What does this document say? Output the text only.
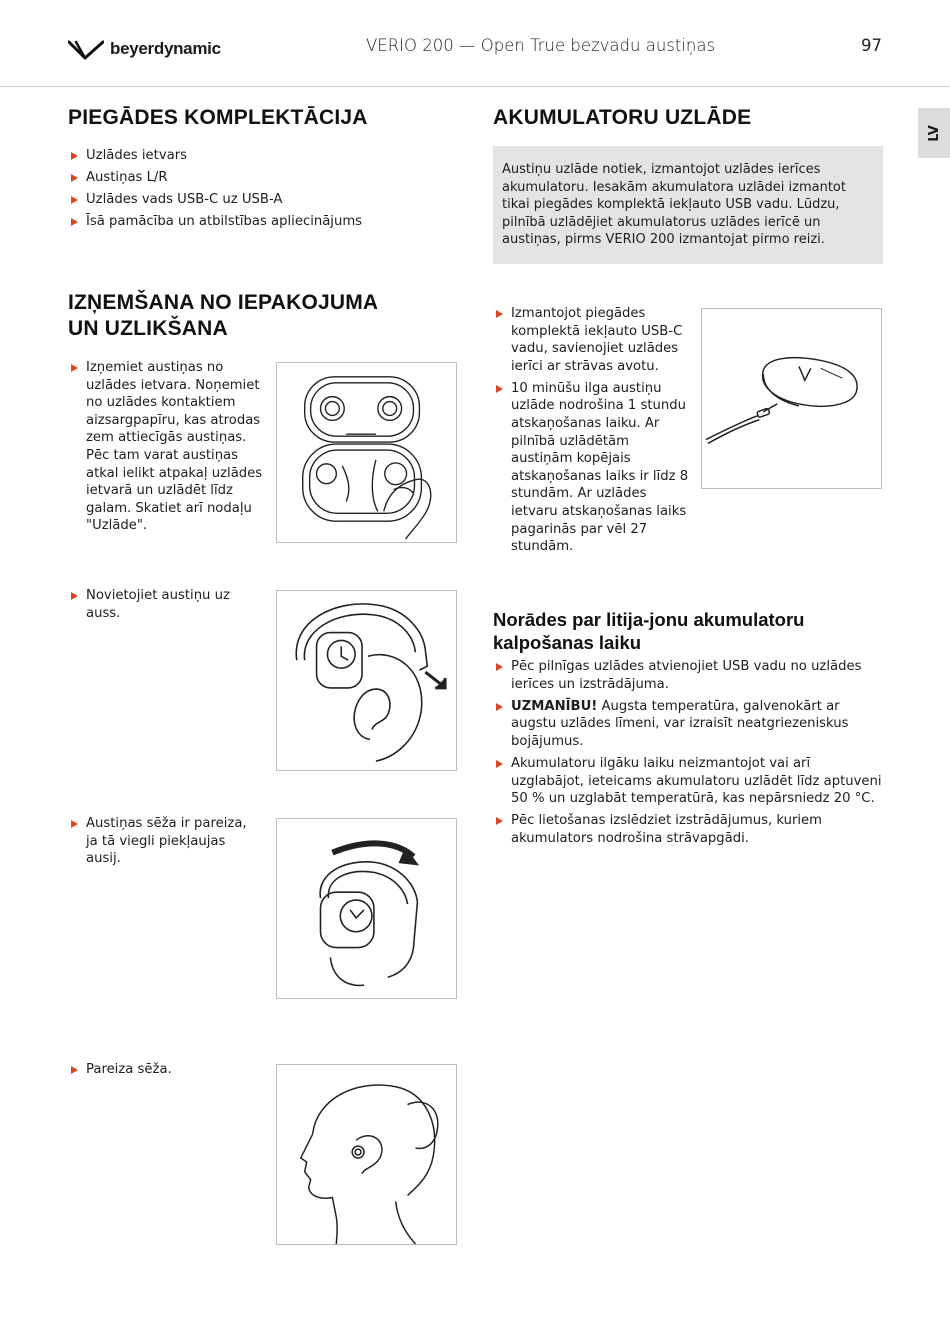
beyerdynamic	VERIO 200 — Open True bezvadu austiņas	97
LV
PIEGĀDES KOMPLEKTĀCIJA
Uzlādes ietvars
Austiņas L/R
Uzlādes vads USB-C uz USB-A
Īsā pamācība un atbilstības apliecinājums
IZŅEMŠANA NO IEPAKOJUMA
UN UZLIKŠANA
Izņemiet austiņas no uzlādes ietvara. Noņemiet no uzlādes kontaktiem aizsargpapīru, kas atrodas zem attiecīgās austiņas. Pēc tam varat austiņas atkal ielikt atpakaļ uzlādes ietvarā un uzlādēt līdz galam. Skatiet arī nodaļu "Uzlāde".
Novietojiet austiņu uz auss.
Austiņas sēža ir pareiza, ja tā viegli piekļaujas ausij.
Pareiza sēža.
AKUMULATORU UZLĀDE
Austiņu uzlāde notiek, izmantojot uzlādes ierīces akumulatoru. Iesakām akumulatora uzlādei izmantot tikai piegādes komplektā iekļauto USB vadu. Lūdzu, pilnībā uzlādējiet akumulatorus uzlādes ierīcē un austiņas, pirms VERIO 200 izmantojat pirmo reizi.
Izmantojot piegādes komplektā iekļauto USB-C vadu, savienojiet uzlādes ierīci ar strāvas avotu.
10 minūšu ilga austiņu uzlāde nodrošina 1 stundu atskaņošanas laiku. Ar pilnībā uzlādētām austiņām kopējais atskaņošanas laiks ir līdz 8 stundām. Ar uzlādes ietvaru atskaņošanas laiks pagarinās par vēl 27 stundām.
Norādes par litija-jonu akumulatoru
kalpošanas laiku
Pēc pilnīgas uzlādes atvienojiet USB vadu no uzlādes ierīces un izstrādājuma.
UZMANĪBU! Augsta temperatūra, galvenokārt ar augstu uzlādes līmeni, var izraisīt neatgriezeniskus bojājumus.
Akumulatoru ilgāku laiku neizmantojot vai arī uzglabājot, ieteicams akumulatoru uzlādēt līdz aptuveni 50 % un uzglabāt temperatūrā, kas nepārsniedz 20 °C.
Pēc lietošanas izslēdziet izstrādājumus, kuriem akumulators nodrošina strāvapgādi.
